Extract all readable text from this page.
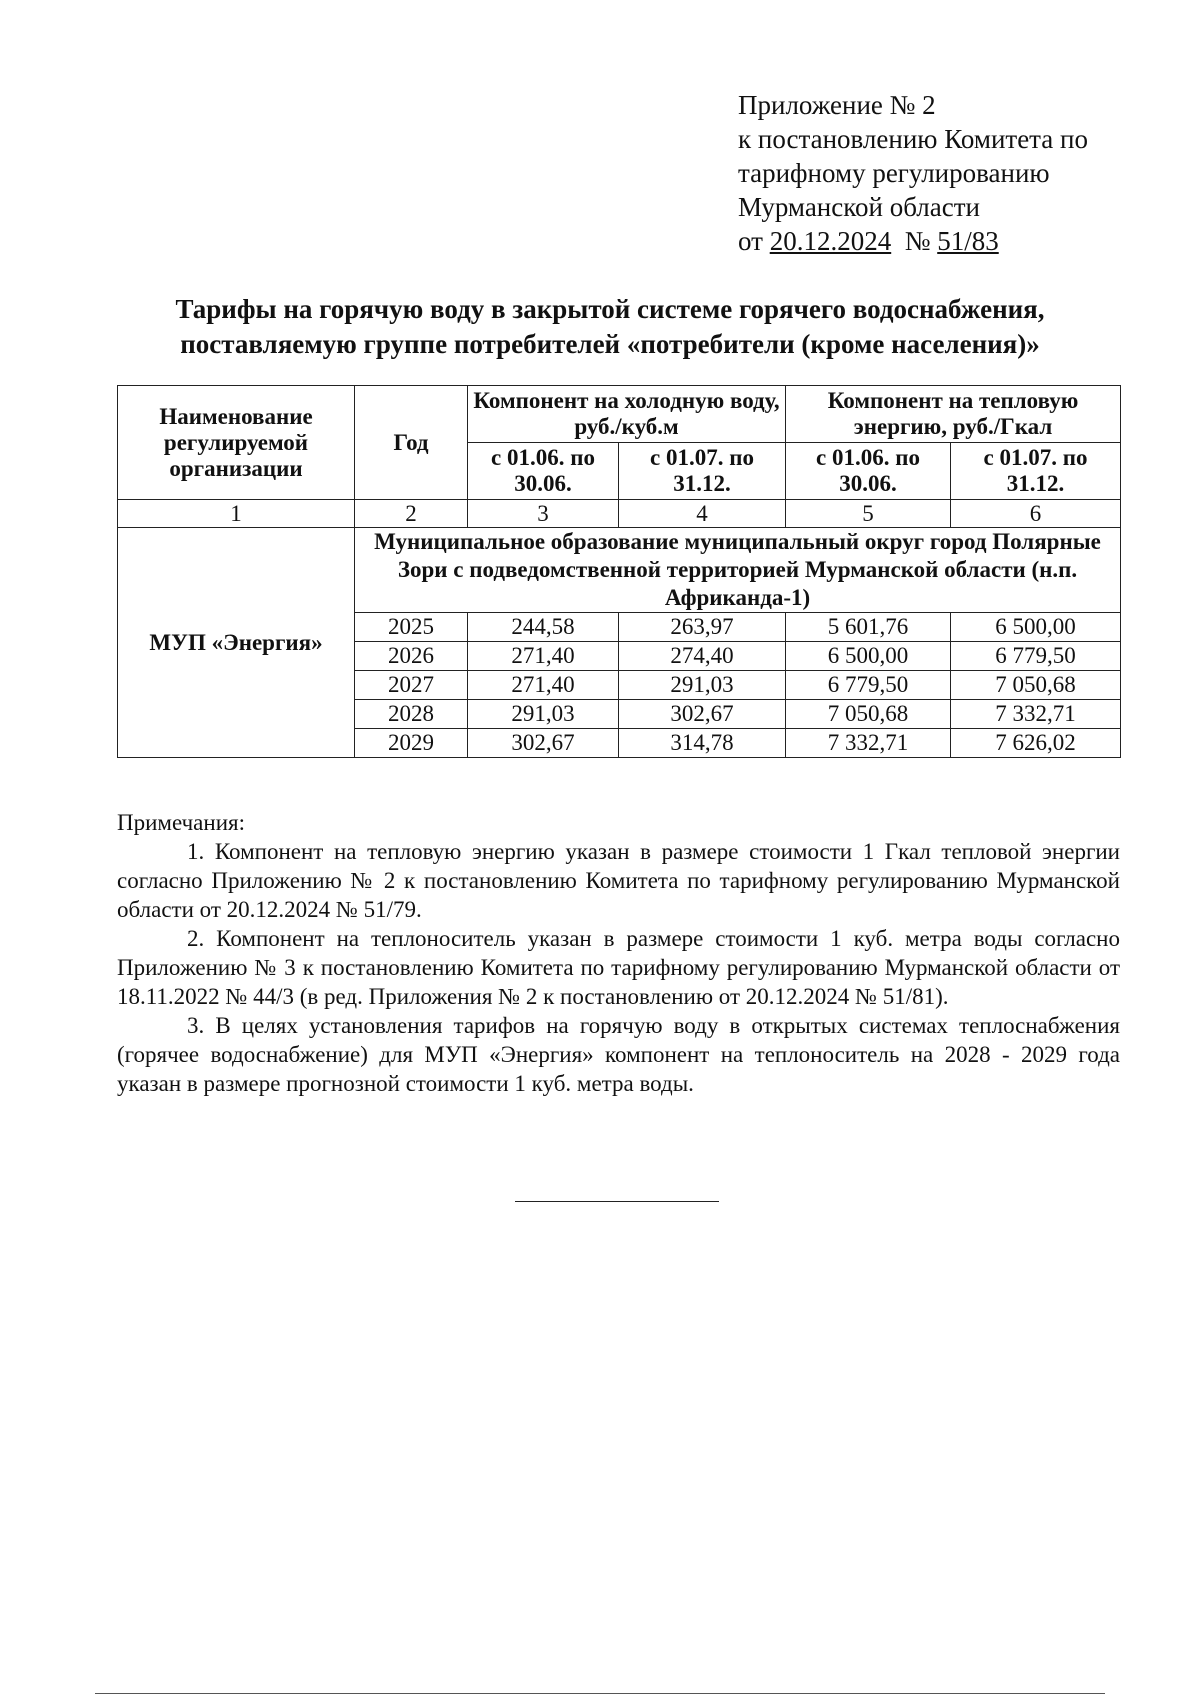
Приложение № 2
к постановлению Комитета по
тарифному регулированию
Мурманской области
от 20.12.2024  № 51/83
Тарифы на горячую воду в закрытой системе горячего водоснабжения,
поставляемую группе потребителей «потребители (кроме населения)»
Наименование регулируемой организации	Год	Компонент на холодную воду, руб./куб.м		Компонент на тепловую энергию, руб./Гкал	
		с 01.06. по 30.06.	с 01.07. по 31.12.	с 01.06. по 30.06.	с 01.07. по 31.12.
1	2	3	4	5	6
МУП «Энергия»	Муниципальное образование муниципальный округ город Полярные Зори с подведомственной территорией Мурманской области (н.п. Африканда-1)				
	2025	244,58	263,97	5 601,76	6 500,00
	2026	271,40	274,40	6 500,00	6 779,50
	2027	271,40	291,03	6 779,50	7 050,68
	2028	291,03	302,67	7 050,68	7 332,71
	2029	302,67	314,78	7 332,71	7 626,02
Примечания:

1. Компонент на тепловую энергию указан в размере стоимости 1 Гкал тепловой энергии согласно Приложению № 2 к постановлению Комитета по тарифному регулированию Мурманской области от 20.12.2024 № 51/79.

2. Компонент на теплоноситель указан в размере стоимости 1 куб. метра воды согласно Приложению № 3 к постановлению Комитета по тарифному регулированию Мурманской области от 18.11.2022 № 44/3 (в ред. Приложения № 2 к постановлению от 20.12.2024 № 51/81).

3. В целях установления тарифов на горячую воду в открытых системах теплоснабжения (горячее водоснабжение) для МУП «Энергия» компонент на теплоноситель на 2028 - 2029 года указан в размере прогнозной стоимости 1 куб. метра воды.
